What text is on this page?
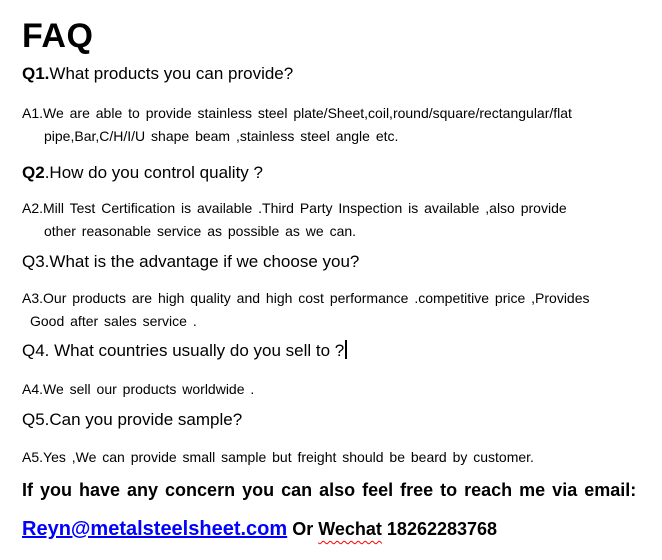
FAQ
Q1.What products you can provide?
A1.We are able to provide stainless steel plate/Sheet,coil,round/square/rectangular/flat
pipe,Bar,C/H/I/U shape beam ,stainless steel angle etc.
Q2.How do you control quality ?
A2.Mill Test Certification is available .Third Party Inspection is available ,also provide
other reasonable service as possible as we can.
Q3.What is the advantage if we choose you?
A3.Our products are high quality and high cost performance .competitive price ,Provides
Good after sales service .
Q4. What countries usually do you sell to ?
A4.We sell our products worldwide .
Q5.Can you provide sample?
A5.Yes ,We can provide small sample but freight should be beard by customer.
If you have any concern you can also feel free to reach me via email:
Reyn@metalsteelsheet.com Or Wechat 18262283768
